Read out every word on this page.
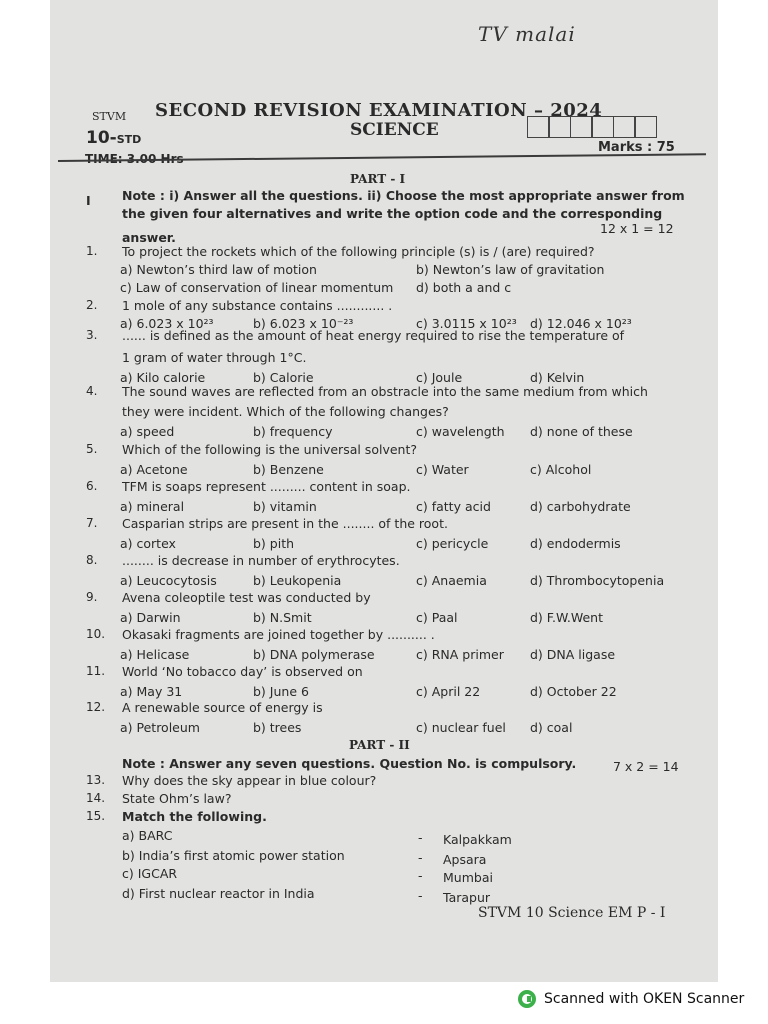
TV malai
STVM SECOND REVISION EXAMINATION – 2024
SCIENCE
10-STD
Marks : 75
TIME: 3.00 Hrs
PART - I
I	Note : i) Answer all the questions. ii) Choose the most appropriate answer from
the given four alternatives and write the option code and the corresponding
12 x 1 = 12
answer.
1. To project the rockets which of the following principle (s) is / (are) required?
a) Newton’s third law of motion	b) Newton’s law of gravitation
c) Law of conservation of linear momentum d) both a and c
2. 1 mole of any substance contains ............ .
a) 6.023 x 10²³	b) 6.023 x 10⁻²³	c) 3.0115 x 10²³ d) 12.046 x 10²³
3. ...... is defined as the amount of heat energy required to rise the temperature of
1 gram of water through 1°C.
a) Kilo calorie	b) Calorie	c) Joule	d) Kelvin
4. The sound waves are reflected from an obstracle into the same medium from which
they were incident. Which of the following changes?
a) speed	b) frequency	c) wavelength d) none of these
5. Which of the following is the universal solvent?
a) Acetone	b) Benzene	c) Water	c) Alcohol
6. TFM is soaps represent ......... content in soap.
a) mineral	b) vitamin	c) fatty acid	d) carbohydrate
7. Casparian strips are present in the ........ of the root.
a) cortex	b) pith	c) pericycle	d) endodermis
8. ........ is decrease in number of erythrocytes.
a) Leucocytosis	b) Leukopenia	c) Anaemia	d) Thrombocytopenia
9. Avena coleoptile test was conducted by
a) Darwin	b) N.Smit	c) Paal	d) F.W.Went
10. Okasaki fragments are joined together by .......... .
a) Helicase	b) DNA polymerase	c) RNA primer d) DNA ligase
11. World ‘No tobacco day’ is observed on
a) May 31	b) June 6	c) April 22	d) October 22
12. A renewable source of energy is
a) Petroleum	b) trees	c) nuclear fuel d) coal
PART - II
Note : Answer any seven questions. Question No. is compulsory.	7 x 2 = 14
13. Why does the sky appear in blue colour?
14. State Ohm’s law?
15. Match the following.
a) BARC	- Kalpakkam
b) India’s first atomic power station	- Apsara
c) IGCAR	- Mumbai
d) First nuclear reactor in India	- Tarapur
STVM 10 Science EM P - I
Scanned with OKEN Scanner
